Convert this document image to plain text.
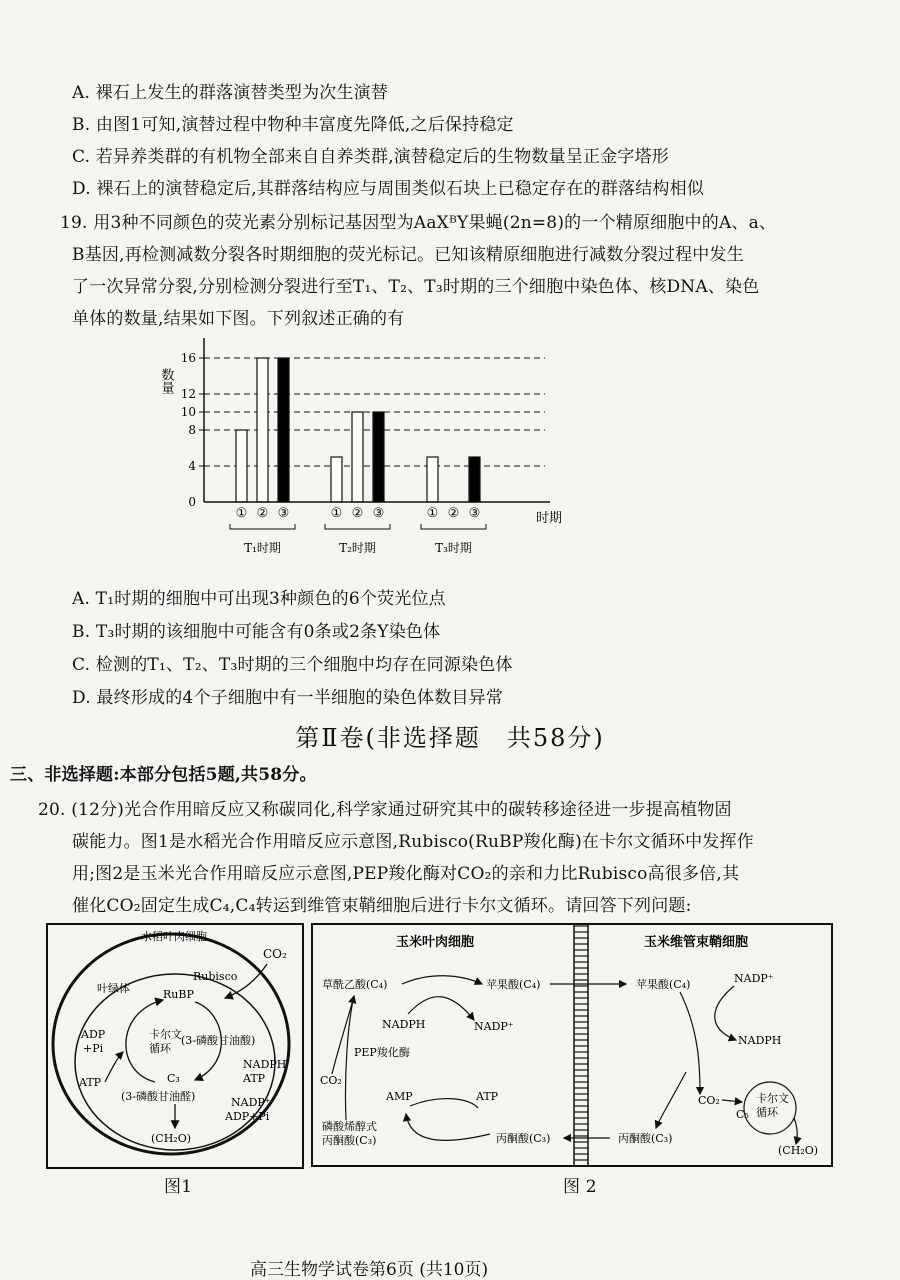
A. 裸石上发生的群落演替类型为次生演替
B. 由图1可知,演替过程中物种丰富度先降低,之后保持稳定
C. 若异养类群的有机物全部来自自养类群,演替稳定后的生物数量呈正金字塔形
D. 裸石上的演替稳定后,其群落结构应与周围类似石块上已稳定存在的群落结构相似
19. 用3种不同颜色的荧光素分别标记基因型为AaXᴮY果蝇(2n=8)的一个精原细胞中的A、a、
B基因,再检测减数分裂各时期细胞的荧光标记。已知该精原细胞进行减数分裂过程中发生
了一次异常分裂,分别检测分裂进行至T₁、T₂、T₃时期的三个细胞中染色体、核DNA、染色
单体的数量,结果如下图。下列叙述正确的有
0
4
8
10
12
16
① ② ③
T₁时期
① ② ③
T₂时期
① ② ③
T₃时期
数量
时期
A. T₁时期的细胞中可出现3种颜色的6个荧光位点
B. T₃时期的该细胞中可能含有0条或2条Y染色体
C. 检测的T₁、T₂、T₃时期的三个细胞中均存在同源染色体
D. 最终形成的4个子细胞中有一半细胞的染色体数目异常
第Ⅱ卷(非选择题　共58分)
三、非选择题:本部分包括5题,共58分。
20. (12分)光合作用暗反应又称碳同化,科学家通过研究其中的碳转移途径进一步提高植物固
碳能力。图1是水稻光合作用暗反应示意图,Rubisco(RuBP羧化酶)在卡尔文循环中发挥作
用;图2是玉米光合作用暗反应示意图,PEP羧化酶对CO₂的亲和力比Rubisco高很多倍,其
催化CO₂固定生成C₄,C₄转运到维管束鞘细胞后进行卡尔文循环。请回答下列问题:
水稻叶肉细胞
CO₂
Rubisco
叶绿体	RuBP
卡尔文
循环
(3-磷酸甘油酸)
ADP
+Pi
ATP	C₃
(3-磷酸甘油醛)
NADPH
ATP
NADP⁺
ADP+Pi
(CH₂O)
图1
玉米叶肉细胞	玉米维管束鞘细胞
草酰乙酸(C₄)	苹果酸(C₄)
NADPH	NADP⁺
PEP羧化酶
CO₂
AMP	ATP
磷酸烯醇式
丙酮酸(C₃)	丙酮酸(C₃)
苹果酸(C₄)	NADP⁺
NADPH
CO₂
C₅
卡尔文
循环
丙酮酸(C₃)
(CH₂O)
图 2
高三生物学试卷第6页 (共10页)
